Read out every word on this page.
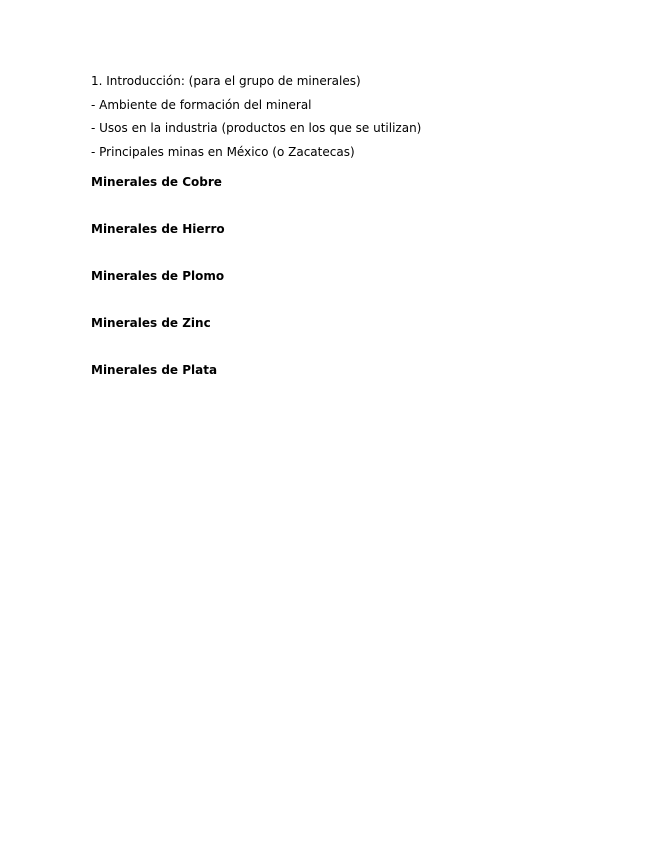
1. Introducción: (para el grupo de minerales)
- Ambiente de formación del mineral
- Usos en la industria (productos en los que se utilizan)
- Principales minas en México (o Zacatecas)
Minerales de Cobre
Minerales de Hierro
Minerales de Plomo
Minerales de Zinc
Minerales de Plata
